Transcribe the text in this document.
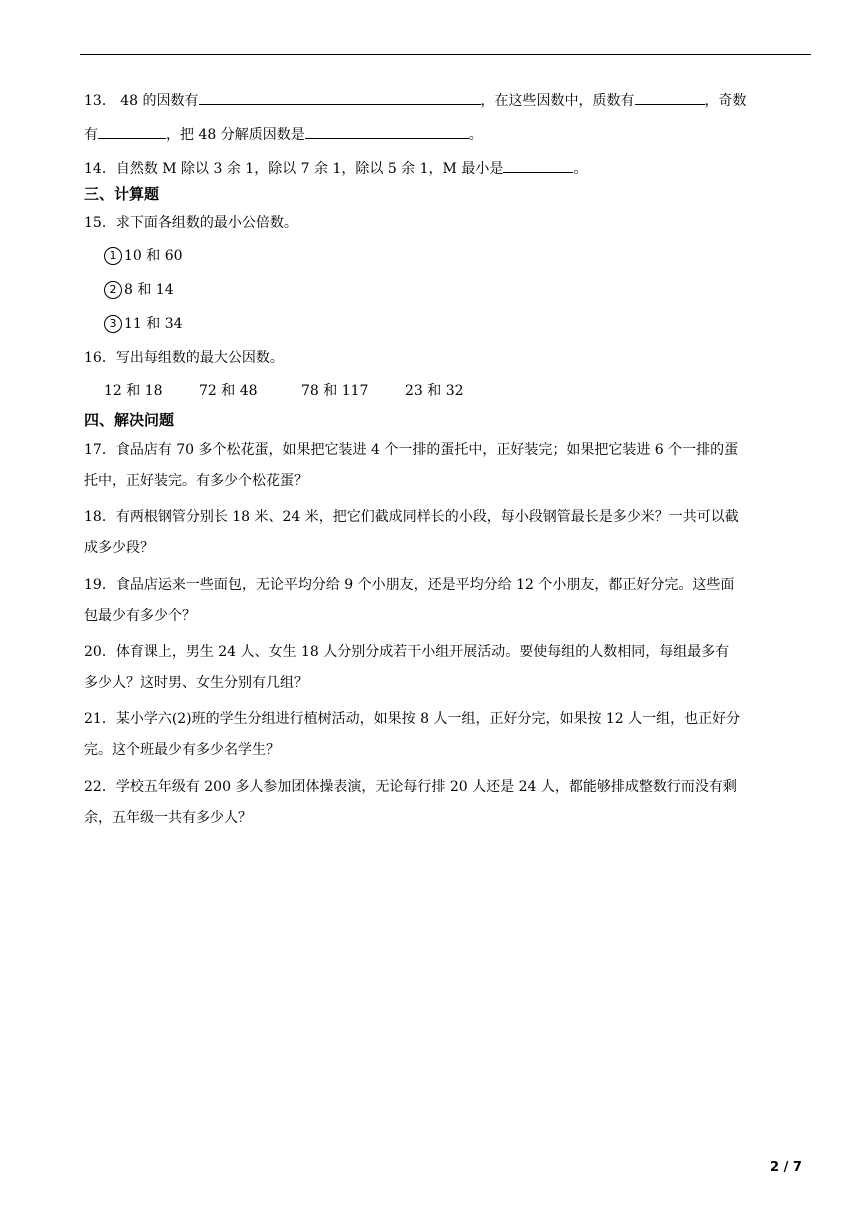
13． 48 的因数有	，在这些因数中，质数有	，奇数
有	，把 48 分解质因数是	。
14．自然数 M 除以 3 余 1，除以 7 余 1，除以 5 余 1，M 最小是	。
三、计算题
15．求下面各组数的最小公倍数。
1 10 和 60
2 8 和 14
3 11 和 34
16．写出每组数的最大公因数。
12 和 18	72 和 48	78 和 117	23 和 32
四、解决问题
17．食品店有 70 多个松花蛋，如果把它装进 4 个一排的蛋托中，正好装完；如果把它装进 6 个一排的蛋
托中，正好装完。有多少个松花蛋？
18．有两根钢管分别长 18 米、24 米，把它们截成同样长的小段，每小段钢管最长是多少米？一共可以截
成多少段？
19．食品店运来一些面包，无论平均分给 9 个小朋友，还是平均分给 12 个小朋友，都正好分完。这些面
包最少有多少个？
20．体育课上，男生 24 人、女生 18 人分别分成若干小组开展活动。要使每组的人数相同，每组最多有
多少人？这时男、女生分别有几组？
21．某小学六(2)班的学生分组进行植树活动，如果按 8 人一组，正好分完，如果按 12 人一组，也正好分
完。这个班最少有多少名学生？
22．学校五年级有 200 多人参加团体操表演，无论每行排 20 人还是 24 人，都能够排成整数行而没有剩
余，五年级一共有多少人？
2 / 7
